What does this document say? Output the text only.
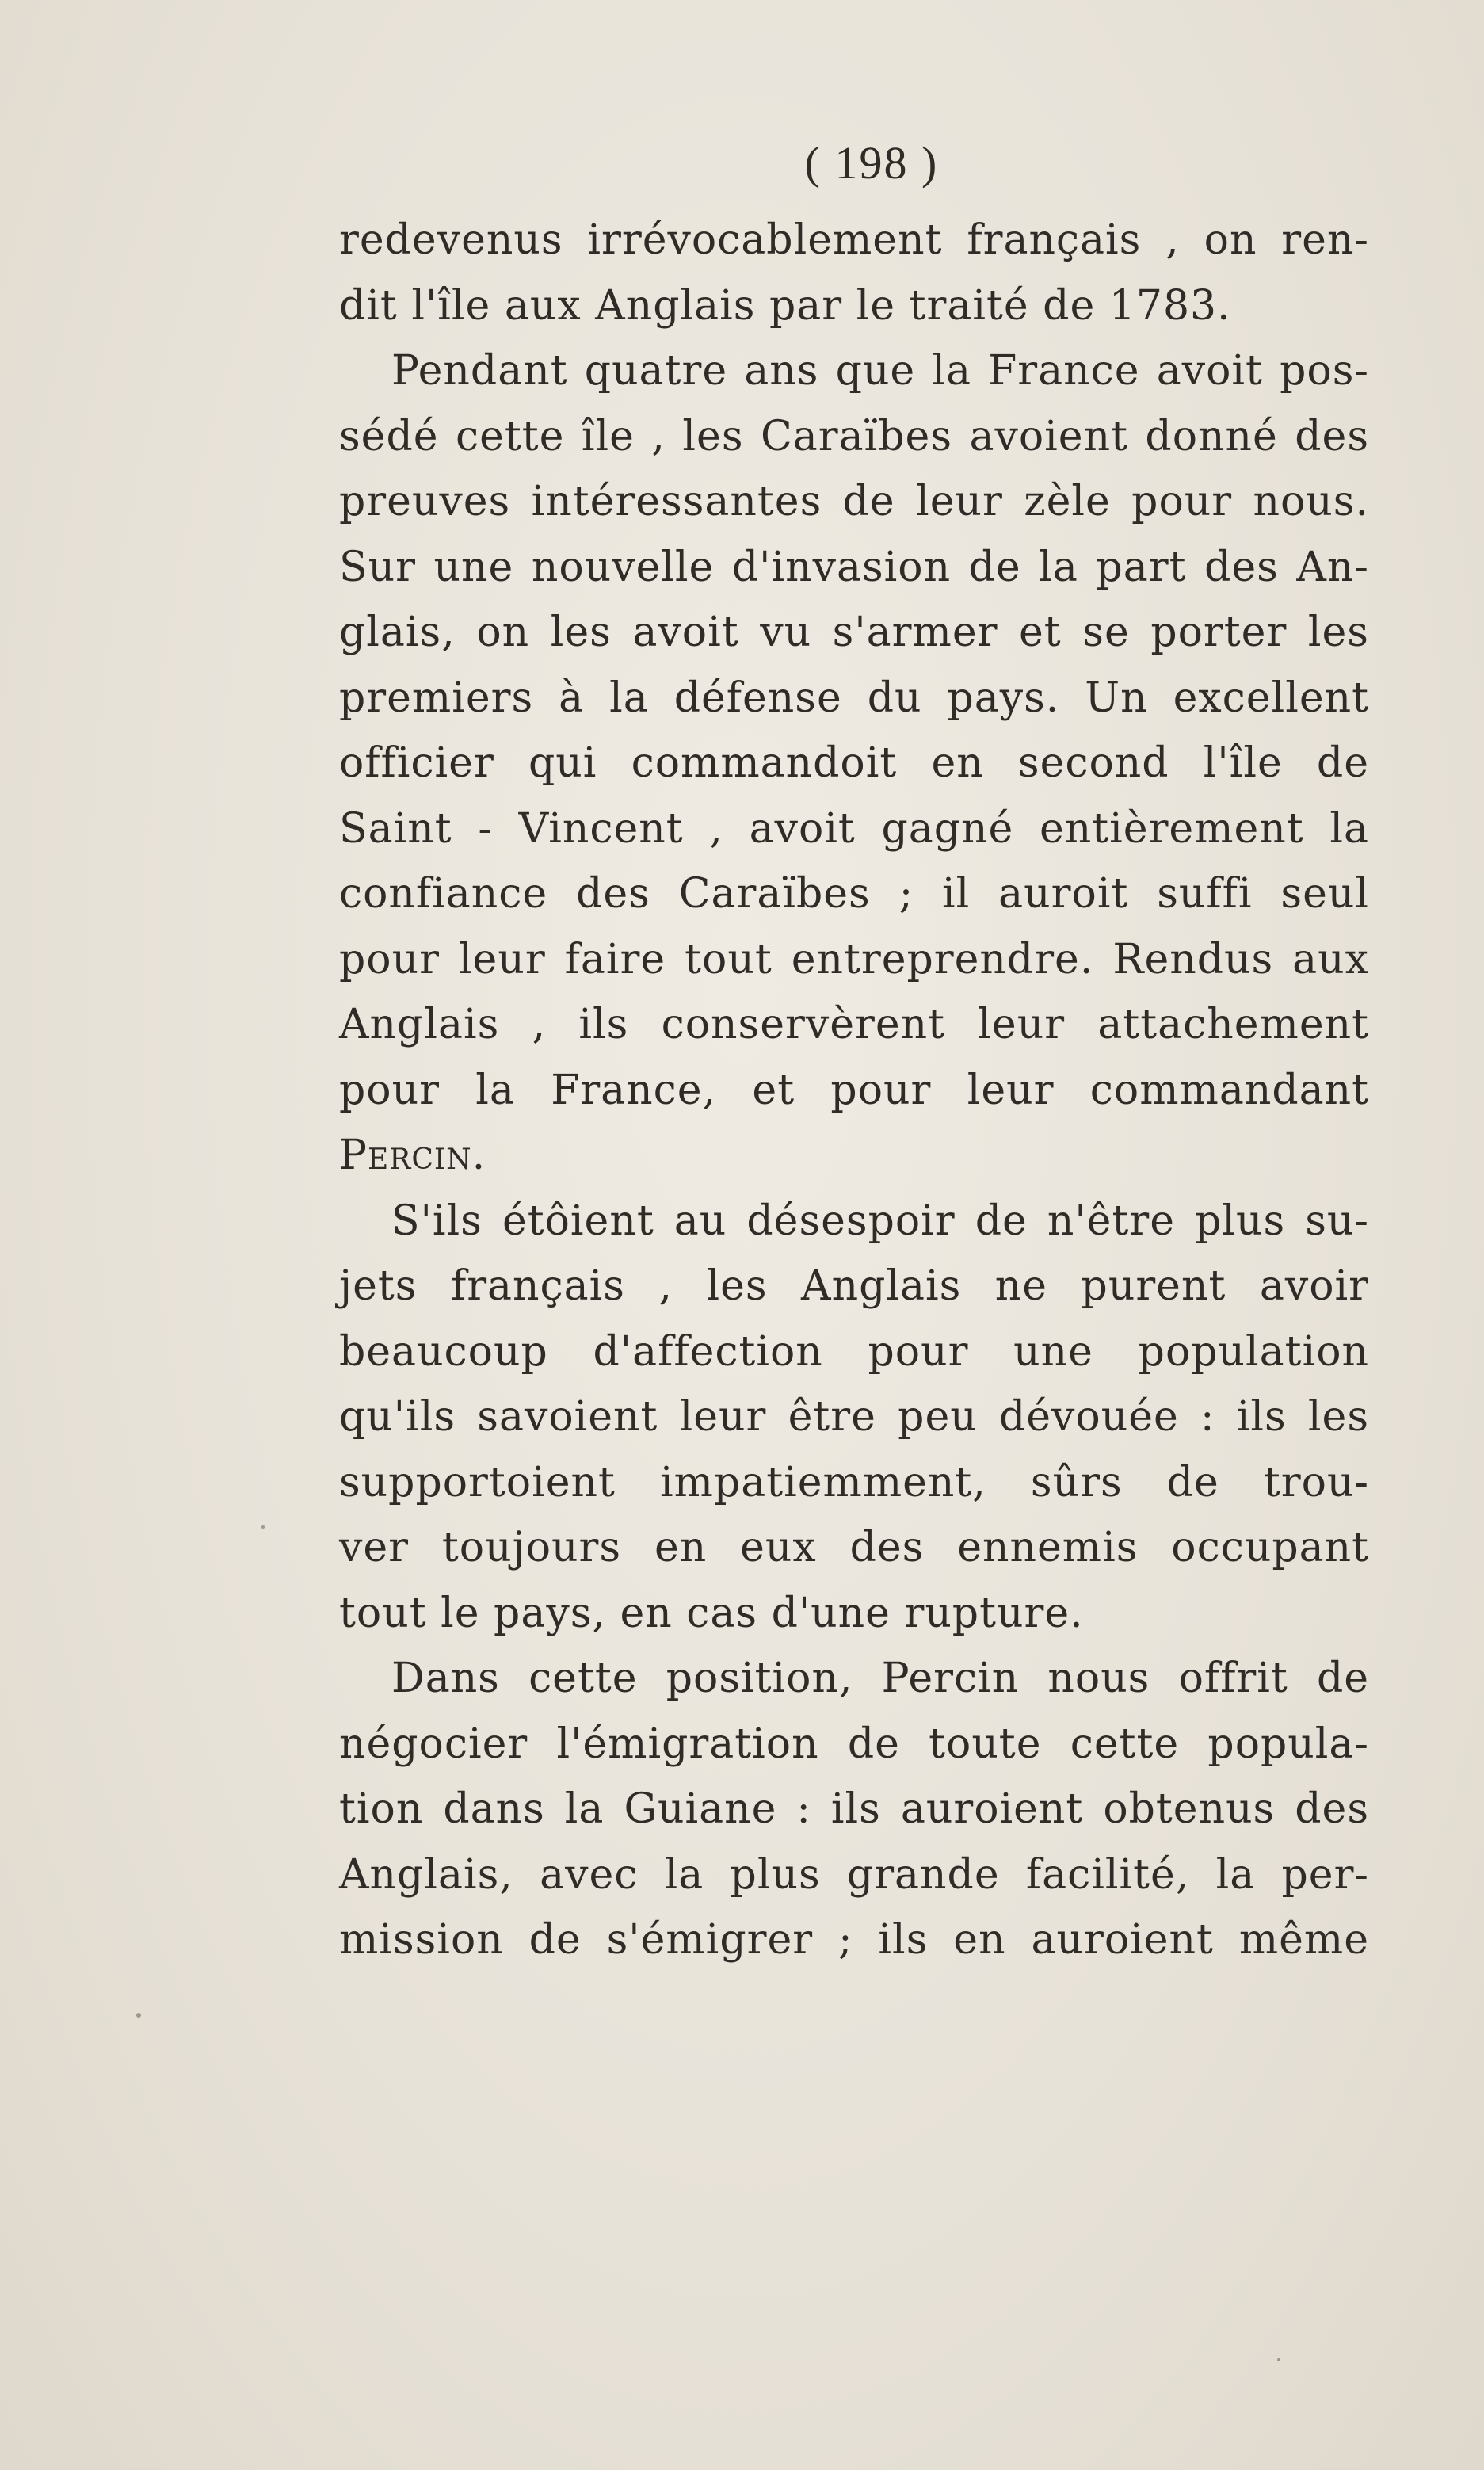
( 198 )
redevenus irrévocablement français , on ren-
dit l'île aux Anglais par le traité de 1783.
Pendant quatre ans que la France avoit pos-
sédé cette île , les Caraïbes avoient donné des
preuves intéressantes de leur zèle pour nous.
Sur une nouvelle d'invasion de la part des An-
glais, on les avoit vu s'armer et se porter les
premiers à la défense du pays. Un excellent
officier qui commandoit en second l'île de
Saint - Vincent , avoit gagné entièrement la
confiance des Caraïbes ; il auroit suffi seul
pour leur faire tout entreprendre. Rendus aux
Anglais , ils conservèrent leur attachement
pour la France, et pour leur commandant
Percin.
S'ils étôient au désespoir de n'être plus su-
jets français , les Anglais ne purent avoir
beaucoup d'affection pour une population
qu'ils savoient leur être peu dévouée : ils les
supportoient impatiemment, sûrs de trou-
ver toujours en eux des ennemis occupant
tout le pays, en cas d'une rupture.
Dans cette position, Percin nous offrit de
négocier l'émigration de toute cette popula-
tion dans la Guiane : ils auroient obtenus des
Anglais, avec la plus grande facilité, la per-
mission de s'émigrer ; ils en auroient même
